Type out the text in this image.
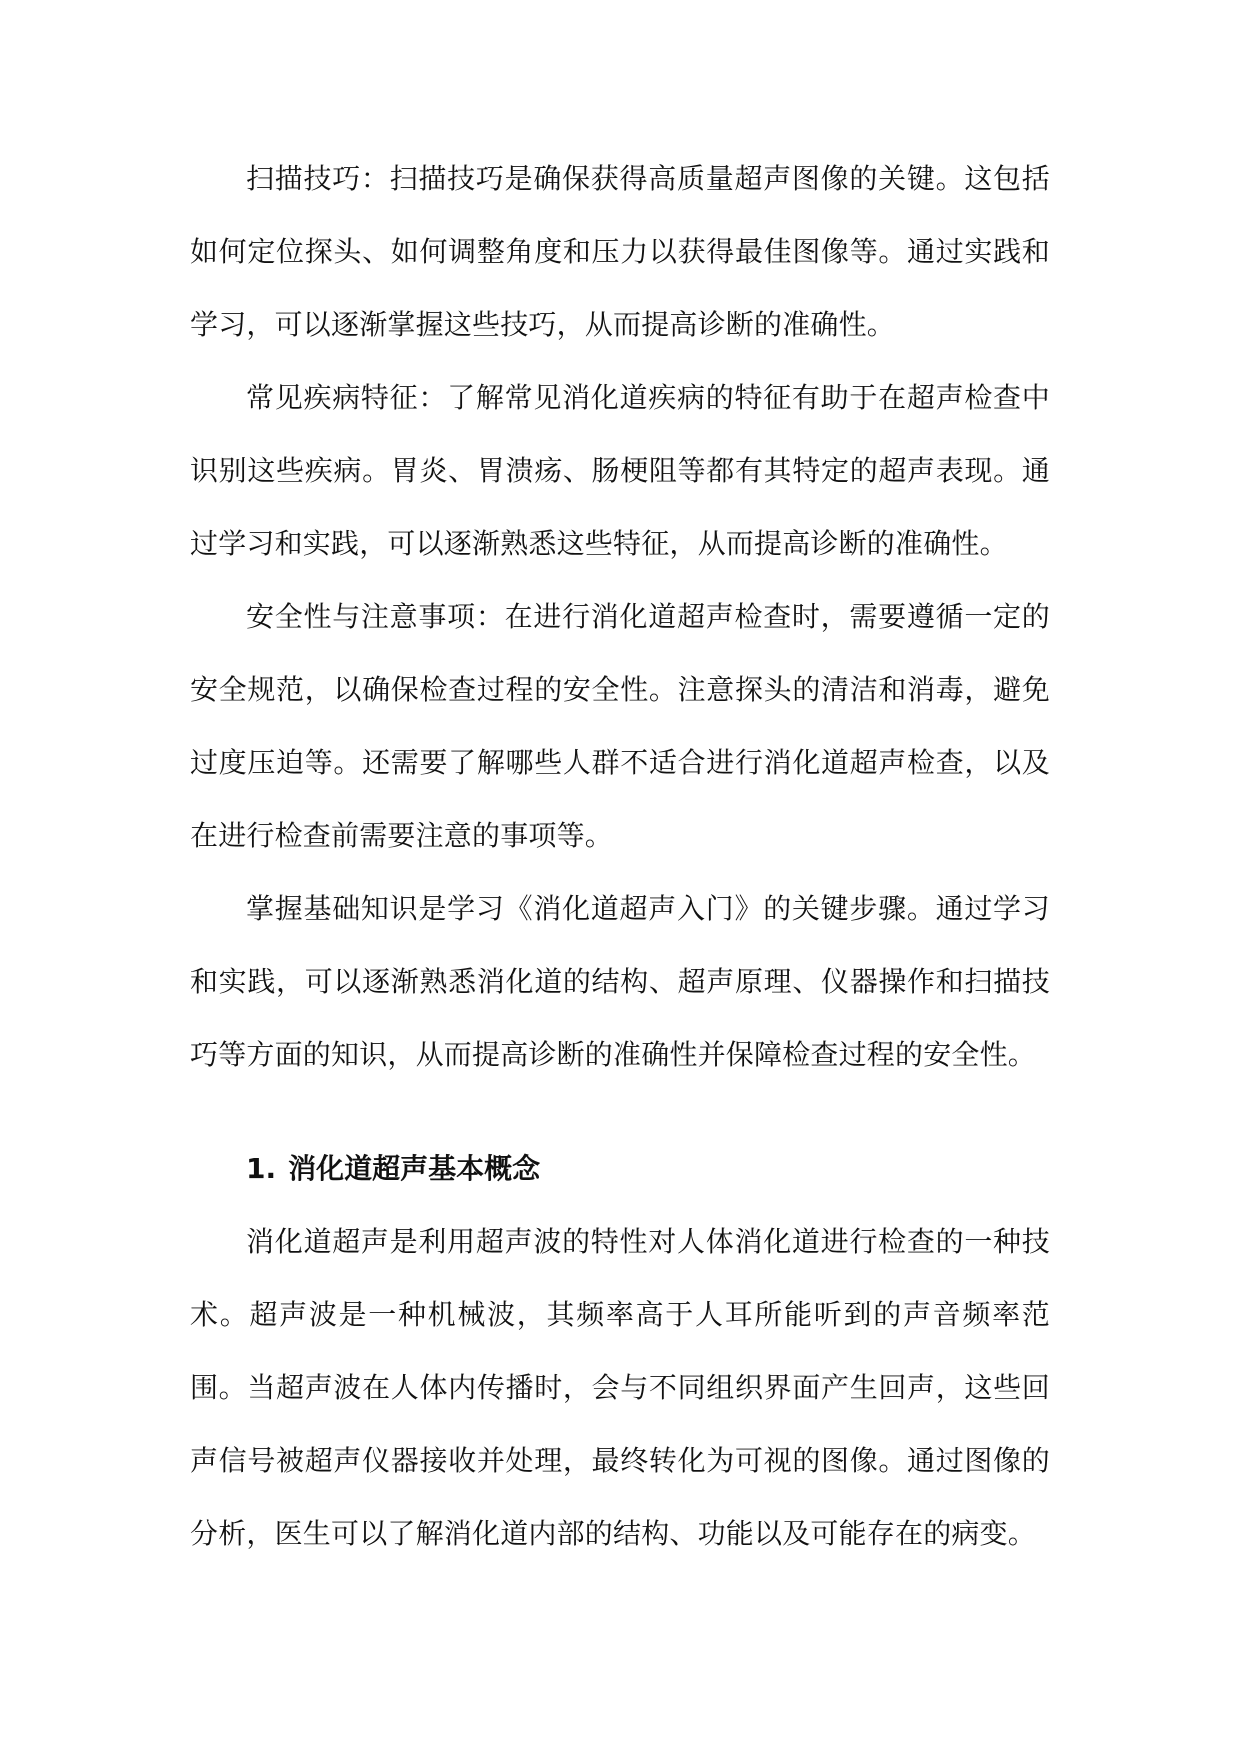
扫描技巧：扫描技巧是确保获得高质量超声图像的关键。这包括如何定位探头、如何调整角度和压力以获得最佳图像等。通过实践和学习，可以逐渐掌握这些技巧，从而提高诊断的准确性。

常见疾病特征：了解常见消化道疾病的特征有助于在超声检查中识别这些疾病。胃炎、胃溃疡、肠梗阻等都有其特定的超声表现。通过学习和实践，可以逐渐熟悉这些特征，从而提高诊断的准确性。

安全性与注意事项：在进行消化道超声检查时，需要遵循一定的安全规范，以确保检查过程的安全性。注意探头的清洁和消毒，避免过度压迫等。还需要了解哪些人群不适合进行消化道超声检查，以及在进行检查前需要注意的事项等。

掌握基础知识是学习《消化道超声入门》的关键步骤。通过学习和实践，可以逐渐熟悉消化道的结构、超声原理、仪器操作和扫描技巧等方面的知识，从而提高诊断的准确性并保障检查过程的安全性。

1. 消化道超声基本概念

消化道超声是利用超声波的特性对人体消化道进行检查的一种技术。超声波是一种机械波，其频率高于人耳所能听到的声音频率范围。当超声波在人体内传播时，会与不同组织界面产生回声，这些回声信号被超声仪器接收并处理，最终转化为可视的图像。通过图像的分析，医生可以了解消化道内部的结构、功能以及可能存在的病变。
